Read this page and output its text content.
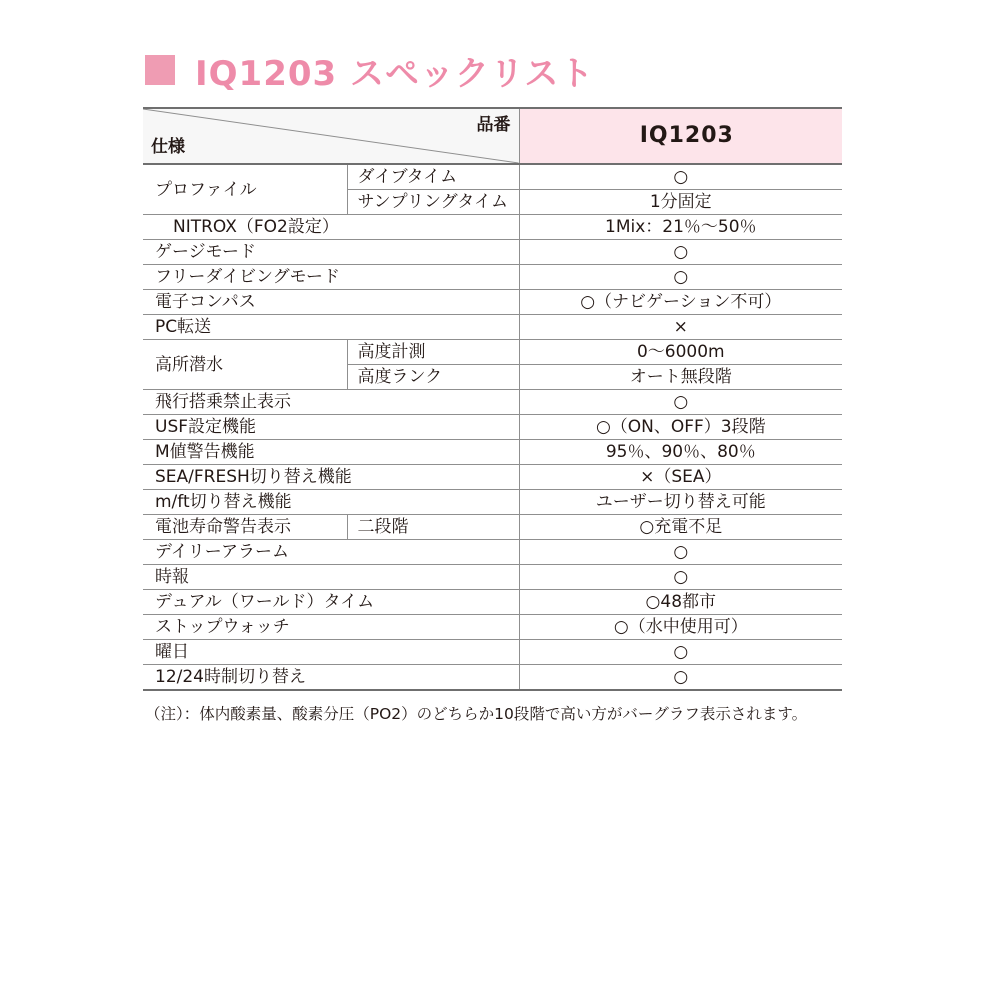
IQ1203 スペックリスト
品番
仕様		IQ1203
プロファイル	ダイブタイム	○
	サンプリングタイム	1分固定
NITROX（FO2設定）		1Mix：21％〜50％
ゲージモード		○
フリーダイビングモード		○
電子コンパス		○（ナビゲーション不可）
PC転送		×
高所潜水	高度計測	0〜6000m
	高度ランク	オート無段階
飛行搭乗禁止表示		○
USF設定機能		○（ON、OFF）3段階
M値警告機能		95％、90％、80％
SEA/FRESH切り替え機能		×（SEA）
m/ft切り替え機能		ユーザー切り替え可能
電池寿命警告表示	二段階	○充電不足
デイリーアラーム		○
時報		○
デュアル（ワールド）タイム		○48都市
ストップウォッチ		○（水中使用可）
曜日		○
12/24時制切り替え		○
（注）：体内酸素量、酸素分圧（PO2）のどちらか10段階で高い方がバーグラフ表示されます。
